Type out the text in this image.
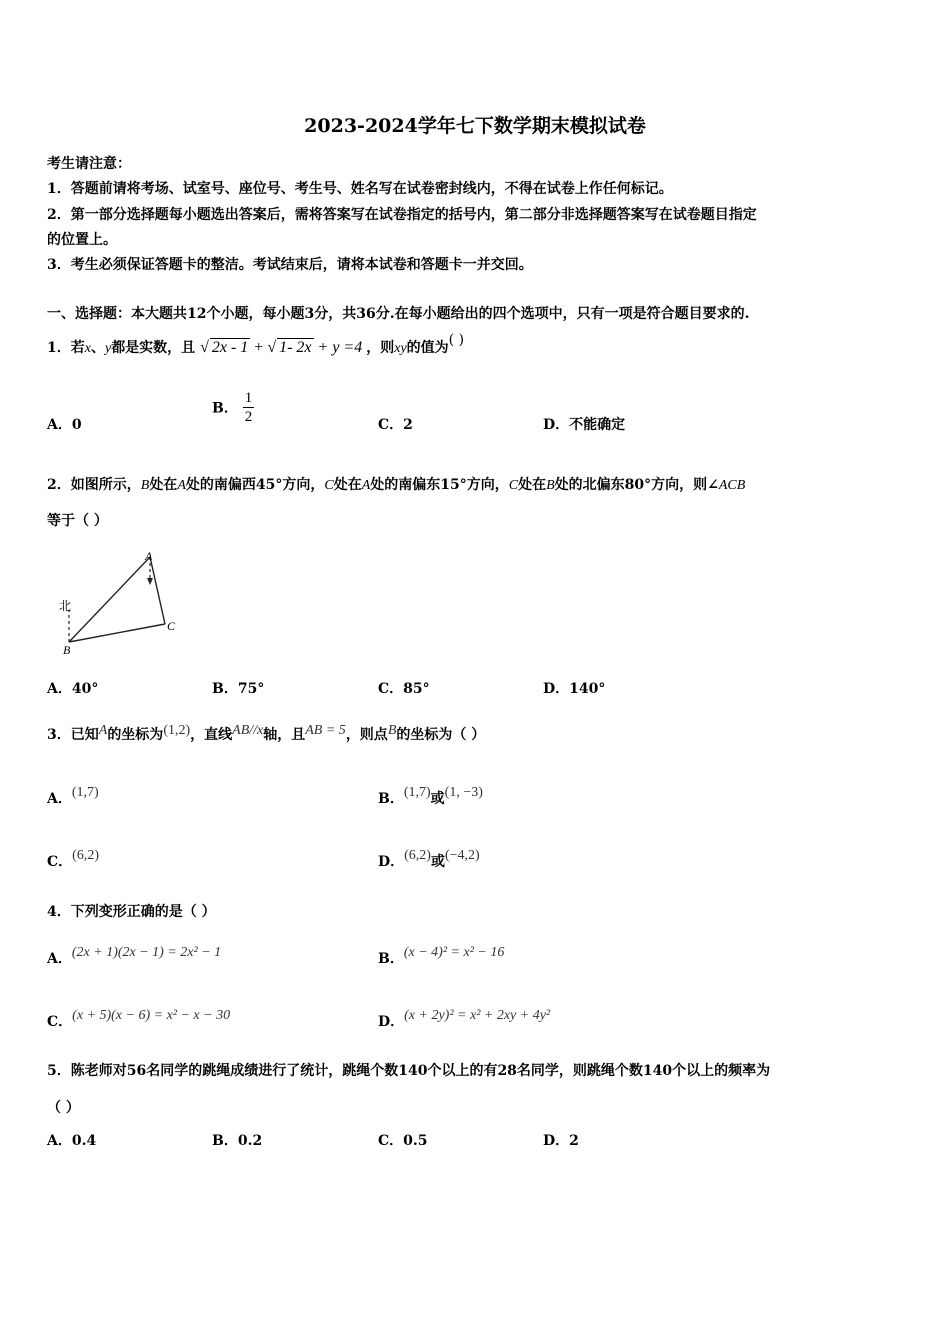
2023-2024学年七下数学期末模拟试卷
考生请注意：
1．答题前请将考场、试室号、座位号、考生号、姓名写在试卷密封线内，不得在试卷上作任何标记。
2．第一部分选择题每小题选出答案后，需将答案写在试卷指定的括号内，第二部分非选择题答案写在试卷题目指定
的位置上。
3．考生必须保证答题卡的整洁。考试结束后，请将本试卷和答题卡一并交回。
一、选择题：本大题共12个小题，每小题3分，共36分.在每小题给出的四个选项中，只有一项是符合题目要求的.
1．若x、y都是实数，且 √ 2x - 1 + √ 1- 2x + y =4 ，则xy的值为( )
A．0
B． $\frac{1}{2}$	C．2	D．不能确定
2．如图所示，B处在A处的南偏西45°方向，C处在A处的南偏东15°方向，C处在B处的北偏东80°方向，则∠ACB
等于（ ）
北
A
B
C
A．40°	B．75°	C．85°	D．140°
3．已知A的坐标为(1,2)，直线AB//x轴，且AB = 5，则点B的坐标为（ ）
A．(1,7)	B．(1,7)或(1, −3)
C．(6,2)	D．(6,2)或(−4,2)
4．下列变形正确的是（ ）
A．(2x + 1)(2x − 1) = 2x² − 1	B．(x − 4)² = x² − 16
C．(x + 5)(x − 6) = x² − x − 30	D．(x + 2y)² = x² + 2xy + 4y²
5．陈老师对56名同学的跳绳成绩进行了统计，跳绳个数140个以上的有28名同学，则跳绳个数140个以上的频率为
（ ）
A．0.4	B．0.2	C．0.5	D．2
